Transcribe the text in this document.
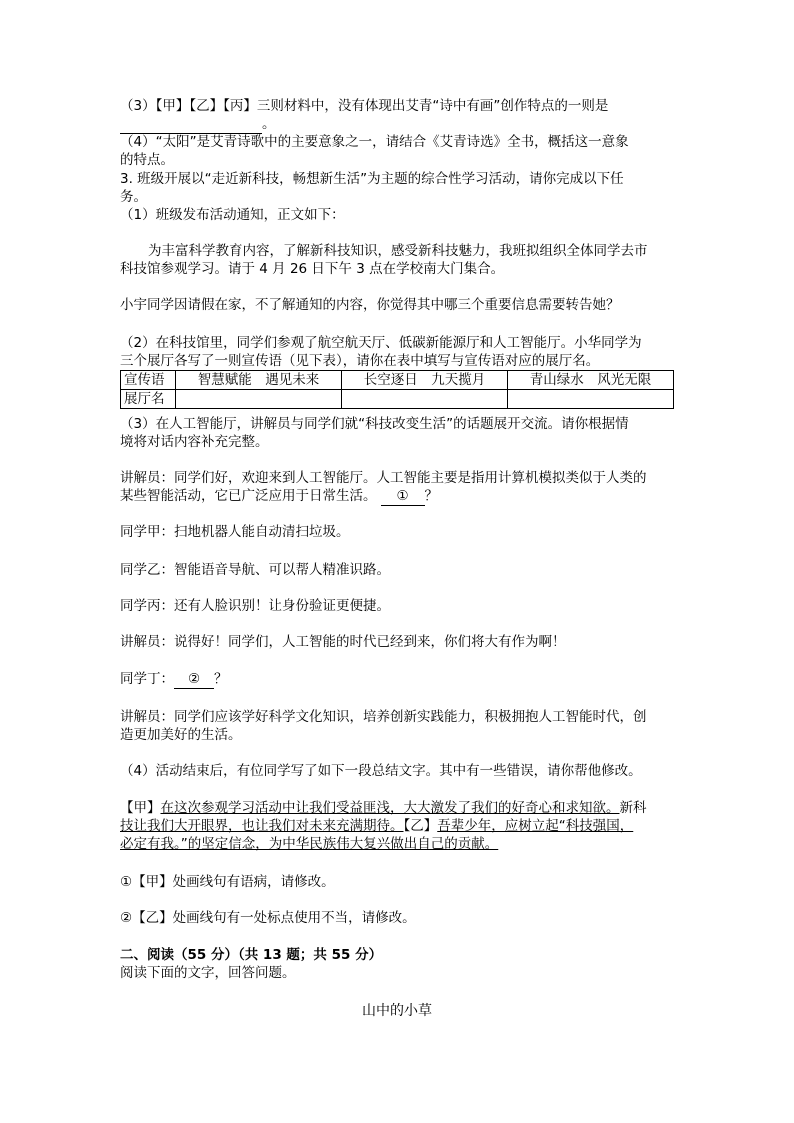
（3）【甲】【乙】【丙】三则材料中，没有体现出艾青“诗中有画”创作特点的一则是
。
（4）“太阳”是艾青诗歌中的主要意象之一，请结合《艾青诗选》全书，概括这一意象
的特点。
3. 班级开展以“走近新科技，畅想新生活”为主题的综合性学习活动，请你完成以下任
务。
（1）班级发布活动通知，正文如下：
为丰富科学教育内容，了解新科技知识，感受新科技魅力，我班拟组织全体同学去市
科技馆参观学习。请于 4 月 26 日下午 3 点在学校南大门集合。
小宇同学因请假在家，不了解通知的内容，你觉得其中哪三个重要信息需要转告她？
（2）在科技馆里，同学们参观了航空航天厅、低碳新能源厅和人工智能厅。小华同学为
三个展厅各写了一则宣传语（见下表），请你在表中填写与宣传语对应的展厅名。
宣传语	智慧赋能　遇见未来	长空逐日　九天揽月	青山绿水　风光无限
展厅名			
（3）在人工智能厅，讲解员与同学们就“科技改变生活”的话题展开交流。请你根据情
境将对话内容补充完整。
讲解员：同学们好，欢迎来到人工智能厅。人工智能主要是指用计算机模拟类似于人类的
某些智能活动，它已广泛应用于日常生活。 ① ？
同学甲：扫地机器人能自动清扫垃圾。
同学乙：智能语音导航、可以帮人精准识路。
同学丙：还有人脸识别！让身份验证更便捷。
讲解员：说得好！同学们，人工智能的时代已经到来，你们将大有作为啊！
同学丁： ② ？
讲解员：同学们应该学好科学文化知识，培养创新实践能力，积极拥抱人工智能时代，创
造更加美好的生活。
（4）活动结束后，有位同学写了如下一段总结文字。其中有一些错误，请你帮他修改。
【甲】在这次参观学习活动中让我们受益匪浅，大大激发了我们的好奇心和求知欲。新科
技让我们大开眼界，也让我们对未来充满期待。【乙】吾辈少年，应树立起“科技强国，
必定有我。”的坚定信念，为中华民族伟大复兴做出自己的贡献。
①【甲】处画线句有语病，请修改。
②【乙】处画线句有一处标点使用不当，请修改。
二、阅读（55 分）（共 13 题；共 55 分）
阅读下面的文字，回答问题。
山中的小草
